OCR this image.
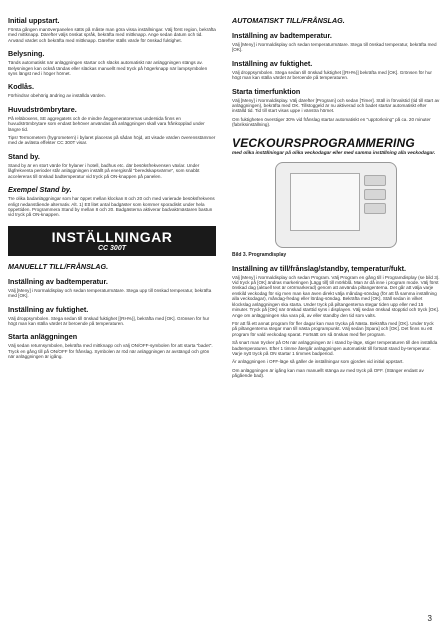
Initial uppstart.

Första gången manöverpanelen sätts på måste man göra vissa inställningar. Välj först region, bekräfta med mittknapp. Därefter väljs önskat språk, bekräfta med mittknapp. Ange sedan datum och tid. Använd värdet och bekräfta med mittknapp. Därefter ställs värde för önskad fuktighet.

Belysning.

Tänds automatiskt när anläggningen startar och släcks automatiskt när anläggningen stängs av. Belysningen kan också tändas eller släckas manuellt med tryck på högerknapp när lampsymbolen syns längst ned i höger hörnet.

Kodlås.

Förhindrar obehörig ändring av inställda värden.

Huvudströmbrytare.

På reläboxens, SE aggregatets och de mindre ånggeneratorernas undersida finns en huvudströmbrytare som endast behöver användas då anläggningen skall vara frånkopplad under längre tid.

Tips! Termometern (hygrometern) i bylaret placeras på sådan höjd, att visade värden överensstämmer med de avlästa effekter CC 300T visar.

Stand by.

Stand by är en stort värde för hylaner i hotell, badhus etc. där besöksfrekvensen växlar. Under lågfrekventa perioder står anläggningen inställt på energisnål "beredskapsvärme", som snabbt accelereras till önskad badtemperatur vid tryck på ON-knappen på panelen.

Exempel Stand by.

Tre olika badanläggningar som har öppet mellan klockan 8 och 20 och med varierade besöksfrekvens enligt nedanstående alternativ. Alt. 1) Ett litet antal badgäster som kommer sporadiskt under hela öppettiden. Programmera Stand by mellan 8 och 20. Badgästerna aktiverar badvaktmästaren bastun vid tryck på ON-knappen.

INSTÄLLNINGAR
CC 300T
MANUELLT TILL/FRÅNSLAG.
Inställning av badtemperatur.

Välj [Meny] i Normaldisplay och sedan temperaturmätare. Stega upp till önskad temperatur, bekräfta med [OK].

Inställning av fuktighet.

Välj droppsymbolen. Stega sedan till önskad fuktighet [(RH%)], bekräfta med [OK]. Grönsen för hur högt man kan ställa värdet är beroende på temperaturen.

Starta anläggningen

Välj sedan returnsymbolen, bekräfta med mittknapp och välj ON/OFF-symbolen för att starta "badet". Tryck en gång till på ON/OFF för frånslag. Symbolen är röd när anläggningen är avstängd och grön när anläggningen är igång.

AUTOMATISKT TILL/FRÅNSLAG.
Inställning av badtemperatur.

Välj [Meny] i Normaldisplay och sedan temperaturmätare. Stega till önskad temperatur, bekräfta med [OK].

Inställning av fuktighet.

Välj droppsymbolen. Stega sedan till önskad fuktighet [(RH%)] bekräfta med [OK]. Grönsen för hur högt man kan ställa värdet är beroende på temperaturen.

Starta timerfunktion

Välj [Meny] i Normaldisplay. Välj därefter [Program] och sedan [Timer]. Ställ in förvalstid (tid till start av anläggningen), bekräfta med OK. Tillstoggeld är nu aktiverad och badet startar automatiskt efter inställd tid. Tid till start visas uppe i vänstra hörnet.

Om fuktigheten överstiger 30% vid frånslag startar automatiskt en "upptorkning" på ca. 20 minuter (fabriksinställning).

VECKOURSPROGRAMMERING
med olika inställningar på olika veckodagar eller med samma inställning alla veckodagar.
Bild 3. Programdisplay
Inställning av till/frånslag/standby, temperatur/fukt.

Välj [Meny] i Normaldisplay och sedan Program. Välj Program en gång till i Programdisplay (se bild 3). Vid tryck på [OK] ändras markeringen [Lägg till] till mörkblå. Man är då inne i program mode. Välj först önskad dag (aktuell text är orörmarkerad) genom att använda piltangenterna. Det går att välja varje enskild veckodag för sig men man kan även direkt välja måndag-söndag (för att få samma inställning alla veckodagar), måndag-fredag eller lördag-söndag. Bekräfta med [OK]. Ställ sedan in vilket klockslag anläggningen ska starta. Under tryck på piltangenterna stegar tiden upp eller ned 15 minuter. Tryck på [OK] när önskad starttid syns i displayen. Välj sedan önskad stopptid och tryck [OK]. Ange om anläggningen ska vara på, av eller standby den tid som valts.

För att få ett annat program för fler dagar kan man trycka på Nästa. Bekräfta med [OK]. Under tryck på piltangenterna stegar man till nästa programpunkt. Välj sedan [Spara] och [OK]. Det finns nu ett program för vald veckodag sparat. Fortsätt om så önskas med fler program.

Så snart man trycker på ON när anläggningen är i stand by-läge, stiger temperaturen till den inställda badtemperaturen. Efter 1 timme återgår anläggningen automatiskt till fortsatt stand by-temperatur. Varje nytt tryck på ON startar 1 timmes badperiod.

Är anläggningen i OFF-läge så gäller de inställningar som gjordes vid initial uppstart.

Om anläggningen är igång kan man manuellt stänga av med tryck på OFF. (Stänger endast av pågående bad).

3
